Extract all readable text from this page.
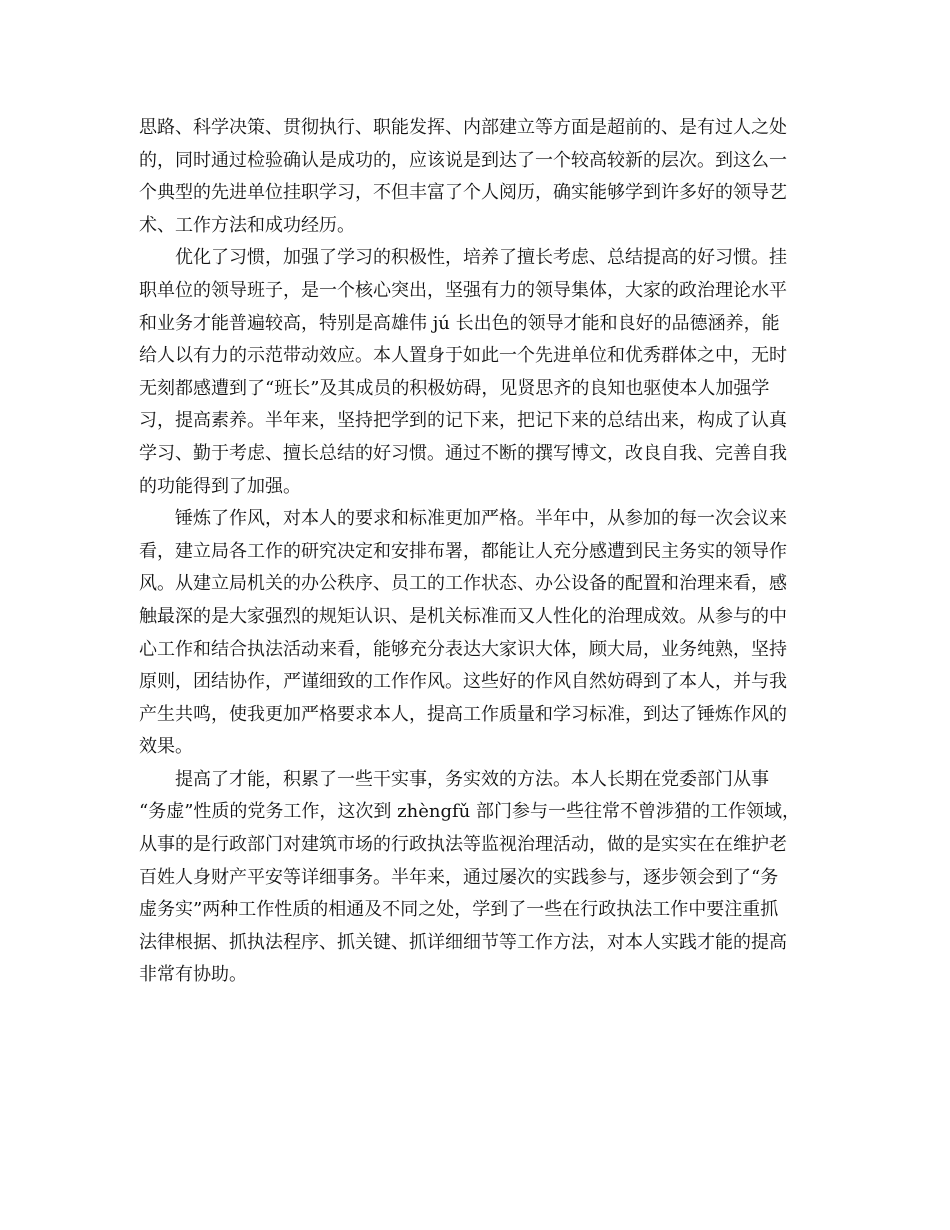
思路、科学决策、贯彻执行、职能发挥、内部建立等方面是超前的、是有过人之处
的，同时通过检验确认是成功的，应该说是到达了一个较高较新的层次。到这么一
个典型的先进单位挂职学习，不但丰富了个人阅历，确实能够学到许多好的领导艺
术、工作方法和成功经历。
　　优化了习惯，加强了学习的积极性，培养了擅长考虑、总结提高的好习惯。挂
职单位的领导班子，是一个核心突出，坚强有力的领导集体，大家的政治理论水平
和业务才能普遍较高，特别是高雄伟 jú 长出色的领导才能和良好的品德涵养，能
给人以有力的示范带动效应。本人置身于如此一个先进单位和优秀群体之中，无时
无刻都感遭到了“班长”及其成员的积极妨碍，见贤思齐的良知也驱使本人加强学
习，提高素养。半年来，坚持把学到的记下来，把记下来的总结出来，构成了认真
学习、勤于考虑、擅长总结的好习惯。通过不断的撰写博文，改良自我、完善自我
的功能得到了加强。
　　锤炼了作风，对本人的要求和标准更加严格。半年中，从参加的每一次会议来
看，建立局各工作的研究决定和安排布署，都能让人充分感遭到民主务实的领导作
风。从建立局机关的办公秩序、员工的工作状态、办公设备的配置和治理来看，感
触最深的是大家强烈的规矩认识、是机关标准而又人性化的治理成效。从参与的中
心工作和结合执法活动来看，能够充分表达大家识大体，顾大局，业务纯熟，坚持
原则，团结协作，严谨细致的工作作风。这些好的作风自然妨碍到了本人，并与我
产生共鸣，使我更加严格要求本人，提高工作质量和学习标准，到达了锤炼作风的
效果。
　　提高了才能，积累了一些干实事，务实效的方法。本人长期在党委部门从事
“务虚”性质的党务工作，这次到 zhèngfǔ 部门参与一些往常不曾涉猎的工作领域，
从事的是行政部门对建筑市场的行政执法等监视治理活动，做的是实实在在维护老
百姓人身财产平安等详细事务。半年来，通过屡次的实践参与，逐步领会到了“务
虚务实”两种工作性质的相通及不同之处，学到了一些在行政执法工作中要注重抓
法律根据、抓执法程序、抓关键、抓详细细节等工作方法，对本人实践才能的提高
非常有协助。
